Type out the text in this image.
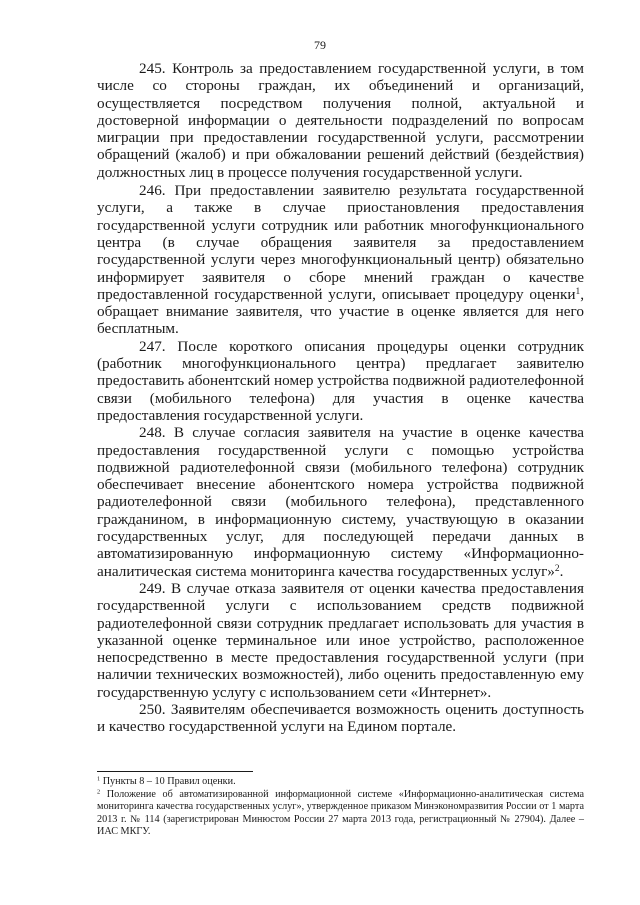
79

245. Контроль за предоставлением государственной услуги, в том числе со стороны граждан, их объединений и организаций, осуществляется посредством получения полной, актуальной и достоверной информации о деятельности подразделений по вопросам миграции при предоставлении государственной услуги, рассмотрении обращений (жалоб) и при обжаловании решений действий (бездействия) должностных лиц в процессе получения государственной услуги.

246. При предоставлении заявителю результата государственной услуги, а также в случае приостановления предоставления государственной услуги сотрудник или работник многофункционального центра (в случае обращения заявителя за предоставлением государственной услуги через многофункциональный центр) обязательно информирует заявителя о сборе мнений граждан о качестве предоставленной государственной услуги, описывает процедуру оценки$^1$, обращает внимание заявителя, что участие в оценке является для него бесплатным.

247. После короткого описания процедуры оценки сотрудник (работник многофункционального центра) предлагает заявителю предоставить абонентский номер устройства подвижной радиотелефонной связи (мобильного телефона) для участия в оценке качества предоставления государственной услуги.

248. В случае согласия заявителя на участие в оценке качества предоставления государственной услуги с помощью устройства подвижной радиотелефонной связи (мобильного телефона) сотрудник обеспечивает внесение абонентского номера устройства подвижной радиотелефонной связи (мобильного телефона), представленного гражданином, в информационную систему, участвующую в оказании государственных услуг, для последующей передачи данных в автоматизированную информационную систему «Информационно-аналитическая система мониторинга качества государственных услуг»$^2$.

249. В случае отказа заявителя от оценки качества предоставления государственной услуги с использованием средств подвижной радиотелефонной связи сотрудник предлагает использовать для участия в указанной оценке терминальное или иное устройство, расположенное непосредственно в месте предоставления государственной услуги (при наличии технических возможностей), либо оценить предоставленную ему государственную услугу с использованием сети «Интернет».

250. Заявителям обеспечивается возможность оценить доступность и качество государственной услуги на Едином портале.

$^1$ Пункты 8 – 10 Правил оценки.

$^2$ Положение об автоматизированной информационной системе «Информационно-аналитическая система мониторинга качества государственных услуг», утвержденное приказом Минэкономразвития России от 1 марта 2013 г. № 114 (зарегистрирован Минюстом России 27 марта 2013 года, регистрационный № 27904). Далее – ИАС МКГУ.
